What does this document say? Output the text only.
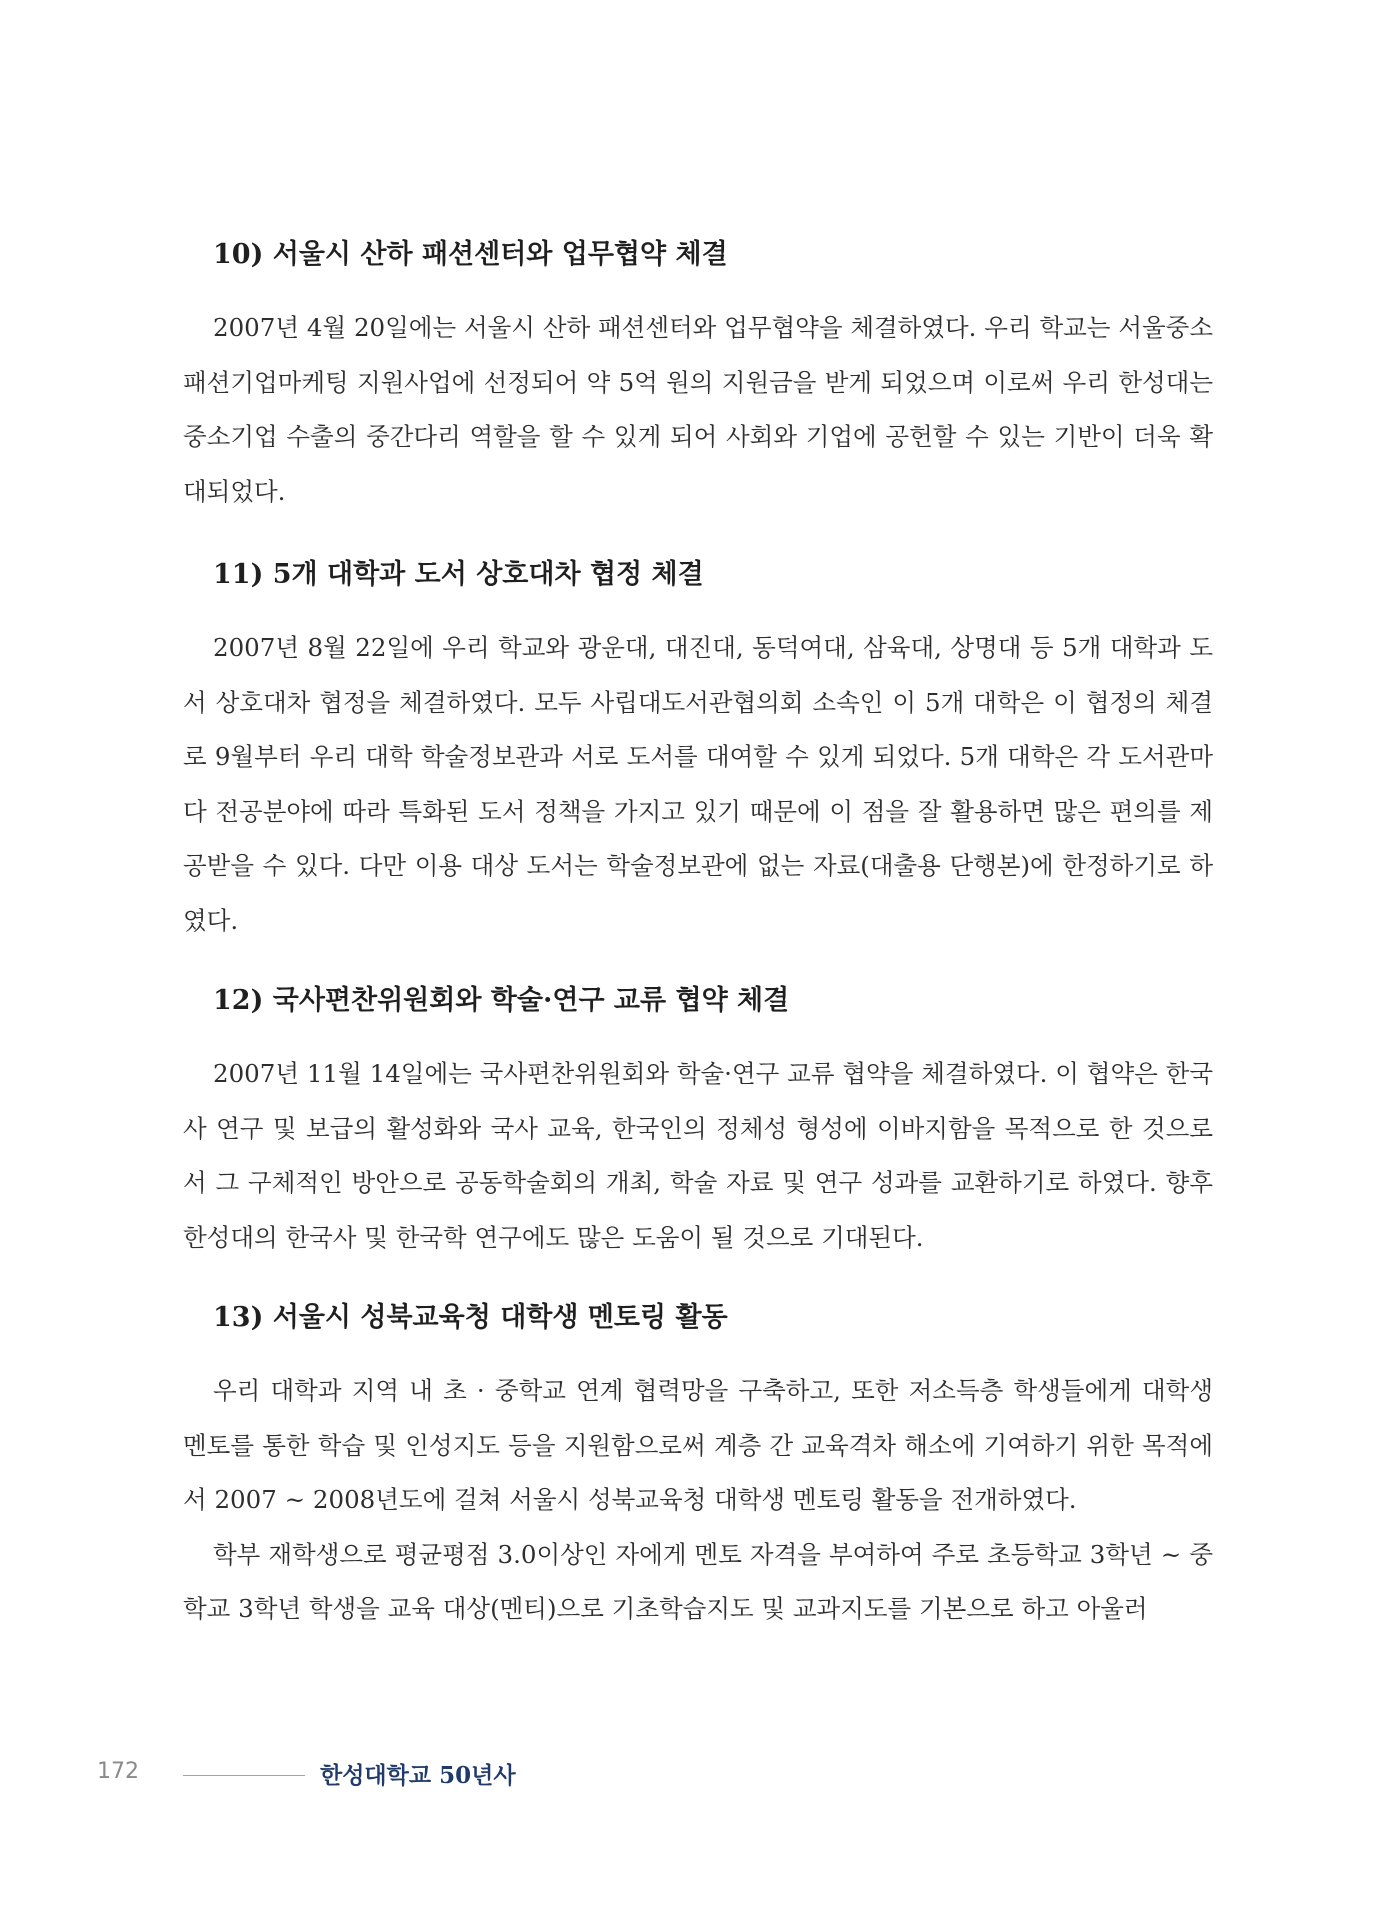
10) 서울시 산하 패션센터와 업무협약 체결

2007년 4월 20일에는 서울시 산하 패션센터와 업무협약을 체결하였다. 우리 학교는 서울중소패션기업마케팅 지원사업에 선정되어 약 5억 원의 지원금을 받게 되었으며 이로써 우리 한성대는 중소기업 수출의 중간다리 역할을 할 수 있게 되어 사회와 기업에 공헌할 수 있는 기반이 더욱 확대되었다.

11) 5개 대학과 도서 상호대차 협정 체결

2007년 8월 22일에 우리 학교와 광운대, 대진대, 동덕여대, 삼육대, 상명대 등 5개 대학과 도서 상호대차 협정을 체결하였다. 모두 사립대도서관협의회 소속인 이 5개 대학은 이 협정의 체결로 9월부터 우리 대학 학술정보관과 서로 도서를 대여할 수 있게 되었다. 5개 대학은 각 도서관마다 전공분야에 따라 특화된 도서 정책을 가지고 있기 때문에 이 점을 잘 활용하면 많은 편의를 제공받을 수 있다. 다만 이용 대상 도서는 학술정보관에 없는 자료(대출용 단행본)에 한정하기로 하였다.

12) 국사편찬위원회와 학술·연구 교류 협약 체결

2007년 11월 14일에는 국사편찬위원회와 학술·연구 교류 협약을 체결하였다. 이 협약은 한국사 연구 및 보급의 활성화와 국사 교육, 한국인의 정체성 형성에 이바지함을 목적으로 한 것으로서 그 구체적인 방안으로 공동학술회의 개최, 학술 자료 및 연구 성과를 교환하기로 하였다. 향후 한성대의 한국사 및 한국학 연구에도 많은 도움이 될 것으로 기대된다.

13) 서울시 성북교육청 대학생 멘토링 활동

우리 대학과 지역 내 초 · 중학교 연계 협력망을 구축하고, 또한 저소득층 학생들에게 대학생 멘토를 통한 학습 및 인성지도 등을 지원함으로써 계층 간 교육격차 해소에 기여하기 위한 목적에서 2007 ~ 2008년도에 걸쳐 서울시 성북교육청 대학생 멘토링 활동을 전개하였다.

학부 재학생으로 평균평점 3.0이상인 자에게 멘토 자격을 부여하여 주로 초등학교 3학년 ~ 중학교 3학년 학생을 교육 대상(멘티)으로 기초학습지도 및 교과지도를 기본으로 하고 아울러

172	한성대학교 50년사
